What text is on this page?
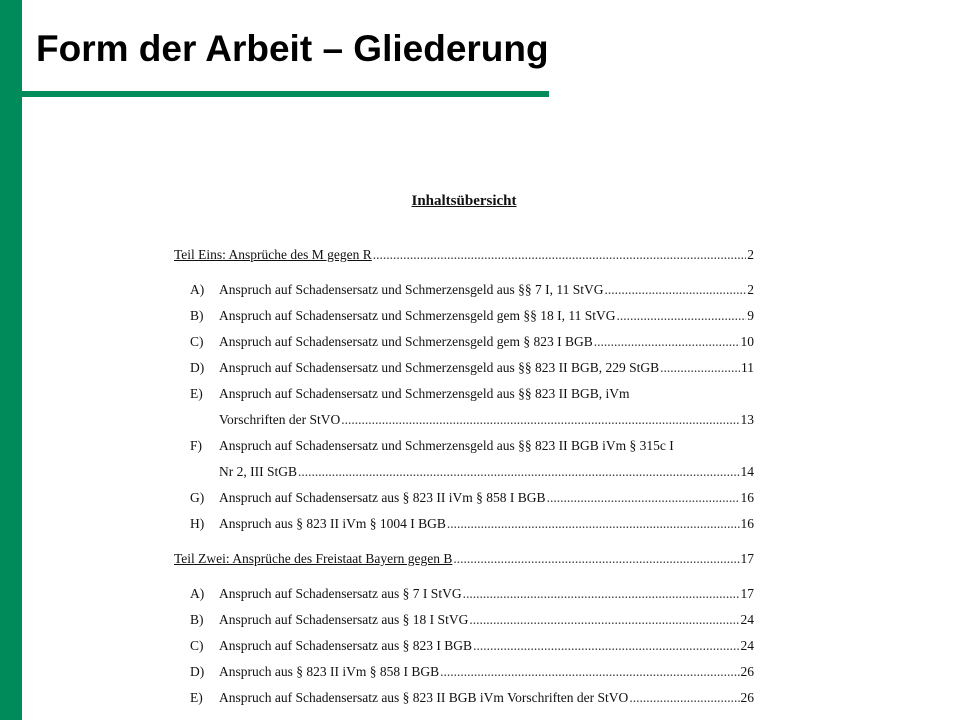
Form der Arbeit – Gliederung
Inhaltsübersicht
Teil Eins: Ansprüche des M gegen R .....	2
A)	Anspruch auf Schadensersatz und Schmerzensgeld aus §§ 7 I, 11 StVG .....	2
B)	Anspruch auf Schadensersatz und Schmerzensgeld gem §§ 18 I, 11 StVG .....	9
C)	Anspruch auf Schadensersatz und Schmerzensgeld gem § 823 I BGB .....	10
D)	Anspruch auf Schadensersatz und Schmerzensgeld aus §§ 823 II BGB, 229 StGB .....	11
E)	Anspruch auf Schadensersatz und Schmerzensgeld aus §§ 823 II BGB, iVm
Vorschriften der StVO .....	13
F)	Anspruch auf Schadensersatz und Schmerzensgeld aus §§ 823 II BGB iVm § 315c I
Nr 2, III StGB .....	14
G)	Anspruch auf Schadensersatz aus § 823 II iVm § 858 I BGB .....	16
H)	Anspruch aus § 823 II iVm § 1004 I BGB .....	16
Teil Zwei: Ansprüche des Freistaat Bayern gegen B .....	17
A)	Anspruch auf Schadensersatz aus § 7 I StVG .....	17
B)	Anspruch auf Schadensersatz aus § 18 I StVG .....	24
C)	Anspruch auf Schadensersatz aus § 823 I BGB .....	24
D)	Anspruch aus § 823 II iVm § 858 I BGB .....	26
E)	Anspruch auf Schadensersatz aus § 823 II BGB iVm Vorschriften der StVO .....	26
